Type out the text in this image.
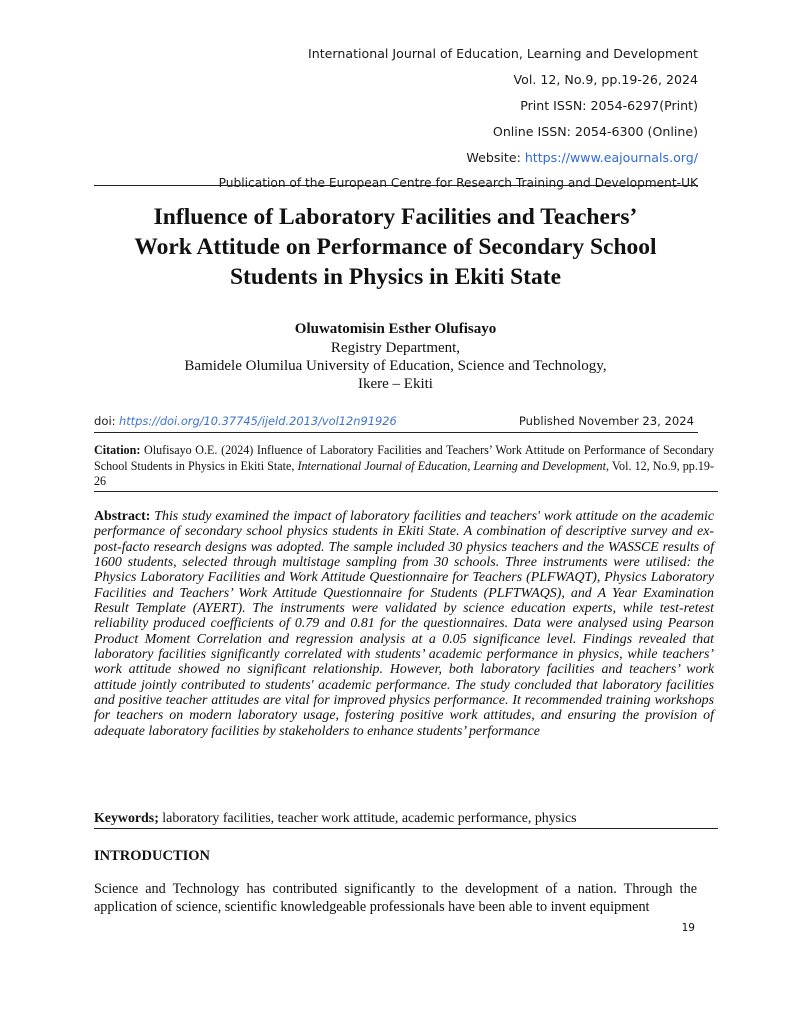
International Journal of Education, Learning and Development
Vol. 12, No.9, pp.19-26, 2024
Print ISSN: 2054-6297(Print)
Online ISSN: 2054-6300 (Online)
Website: https://www.eajournals.org/
Publication of the European Centre for Research Training and Development-UK
Influence of Laboratory Facilities and Teachers’
Work Attitude on Performance of Secondary School
Students in Physics in Ekiti State
Oluwatomisin Esther Olufisayo
Registry Department,
Bamidele Olumilua University of Education, Science and Technology,
Ikere – Ekiti
doi: https://doi.org/10.37745/ijeld.2013/vol12n91926	Published November 23, 2024
Citation: Olufisayo O.E. (2024) Influence of Laboratory Facilities and Teachers’ Work Attitude on Performance of Secondary School Students in Physics in Ekiti State, International Journal of Education, Learning and Development, Vol. 12, No.9, pp.19-26
Abstract: This study examined the impact of laboratory facilities and teachers' work attitude on the academic performance of secondary school physics students in Ekiti State. A combination of descriptive survey and ex-post-facto research designs was adopted. The sample included 30 physics teachers and the WASSCE results of 1600 students, selected through multistage sampling from 30 schools. Three instruments were utilised: the Physics Laboratory Facilities and Work Attitude Questionnaire for Teachers (PLFWAQT), Physics Laboratory Facilities and Teachers’ Work Attitude Questionnaire for Students (PLFTWAQS), and A Year Examination Result Template (AYERT). The instruments were validated by science education experts, while test-retest reliability produced coefficients of 0.79 and 0.81 for the questionnaires. Data were analysed using Pearson Product Moment Correlation and regression analysis at a 0.05 significance level. Findings revealed that laboratory facilities significantly correlated with students’ academic performance in physics, while teachers’ work attitude showed no significant relationship. However, both laboratory facilities and teachers’ work attitude jointly contributed to students' academic performance. The study concluded that laboratory facilities and positive teacher attitudes are vital for improved physics performance. It recommended training workshops for teachers on modern laboratory usage, fostering positive work attitudes, and ensuring the provision of adequate laboratory facilities by stakeholders to enhance students’ performance
Keywords; laboratory facilities, teacher work attitude, academic performance, physics
INTRODUCTION
Science and Technology has contributed significantly to the development of a nation. Through the application of science, scientific knowledgeable professionals have been able to invent equipment
19
